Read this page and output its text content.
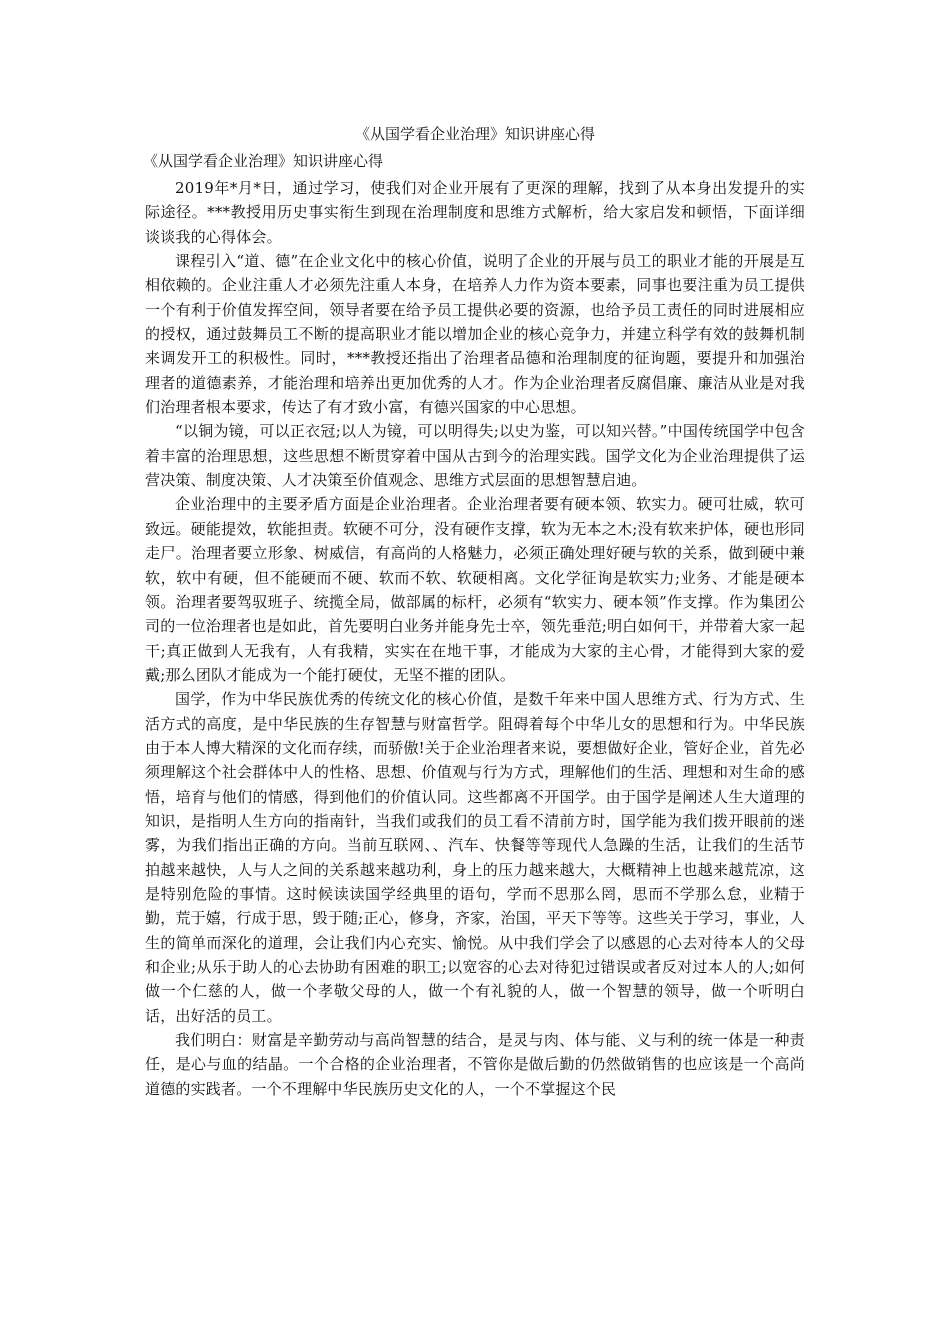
《从国学看企业治理》知识讲座心得
《从国学看企业治理》知识讲座心得

2019年*月*日，通过学习，使我们对企业开展有了更深的理解，找到了从本身出发提升的实际途径。***教授用历史事实衔生到现在治理制度和思维方式解析，给大家启发和顿悟，下面详细谈谈我的心得体会。

课程引入“道、德”在企业文化中的核心价值，说明了企业的开展与员工的职业才能的开展是互相依赖的。企业注重人才必须先注重人本身，在培养人力作为资本要素，同事也要注重为员工提供一个有利于价值发挥空间，领导者要在给予员工提供必要的资源，也给予员工责任的同时进展相应的授权，通过鼓舞员工不断的提高职业才能以增加企业的核心竞争力，并建立科学有效的鼓舞机制来调发开工的积极性。同时，***教授还指出了治理者品德和治理制度的征询题，要提升和加强治理者的道德素养，才能治理和培养出更加优秀的人才。作为企业治理者反腐倡廉、廉洁从业是对我们治理者根本要求，传达了有才致小富，有德兴国家的中心思想。

“以铜为镜，可以正衣冠;以人为镜，可以明得失;以史为鉴，可以知兴替。”中国传统国学中包含着丰富的治理思想，这些思想不断贯穿着中国从古到今的治理实践。国学文化为企业治理提供了运营决策、制度决策、人才决策至价值观念、思维方式层面的思想智慧启迪。

企业治理中的主要矛盾方面是企业治理者。企业治理者要有硬本领、软实力。硬可壮威，软可致远。硬能提效，软能担责。软硬不可分，没有硬作支撑，软为无本之木;没有软来护体，硬也形同走尸。治理者要立形象、树威信，有高尚的人格魅力，必须正确处理好硬与软的关系，做到硬中兼软，软中有硬，但不能硬而不硬、软而不软、软硬相离。文化学征询是软实力;业务、才能是硬本领。治理者要驾驭班子、统揽全局，做部属的标杆，必须有“软实力、硬本领”作支撑。作为集团公司的一位治理者也是如此，首先要明白业务并能身先士卒，领先垂范;明白如何干，并带着大家一起干;真正做到人无我有，人有我精，实实在在地干事，才能成为大家的主心骨，才能得到大家的爱戴;那么团队才能成为一个能打硬仗，无坚不摧的团队。

国学，作为中华民族优秀的传统文化的核心价值，是数千年来中国人思维方式、行为方式、生活方式的高度，是中华民族的生存智慧与财富哲学。阻碍着每个中华儿女的思想和行为。中华民族由于本人博大精深的文化而存续，而骄傲!关于企业治理者来说，要想做好企业，管好企业，首先必须理解这个社会群体中人的性格、思想、价值观与行为方式，理解他们的生活、理想和对生命的感悟，培育与他们的情感，得到他们的价值认同。这些都离不开国学。由于国学是阐述人生大道理的知识，是指明人生方向的指南针，当我们或我们的员工看不清前方时，国学能为我们拨开眼前的迷雾，为我们指出正确的方向。当前互联网、、汽车、快餐等等现代人急躁的生活，让我们的生活节拍越来越快，人与人之间的关系越来越功利，身上的压力越来越大，大概精神上也越来越荒凉，这是特别危险的事情。这时候读读国学经典里的语句，学而不思那么罔，思而不学那么怠，业精于勤，荒于嬉，行成于思，毁于随;正心，修身，齐家，治国，平天下等等。这些关于学习，事业，人生的简单而深化的道理，会让我们内心充实、愉悦。从中我们学会了以感恩的心去对待本人的父母和企业;从乐于助人的心去协助有困难的职工;以宽容的心去对待犯过错误或者反对过本人的人;如何做一个仁慈的人，做一个孝敬父母的人，做一个有礼貌的人，做一个智慧的领导，做一个听明白话，出好活的员工。

我们明白：财富是辛勤劳动与高尚智慧的结合，是灵与肉、体与能、义与利的统一体是一种责任，是心与血的结晶。一个合格的企业治理者，不管你是做后勤的仍然做销售的也应该是一个高尚道德的实践者。一个不理解中华民族历史文化的人，一个不掌握这个民
